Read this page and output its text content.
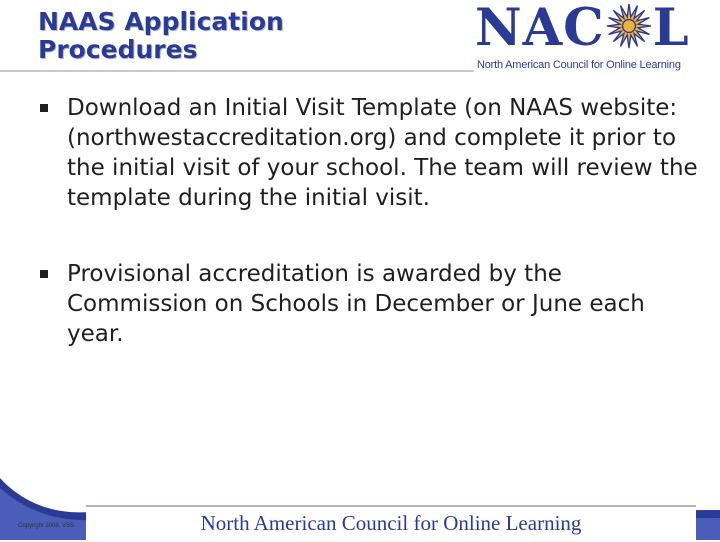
NAAS Application
Procedures	NAC L
North American Council for Online Learning
Download an Initial Visit Template (on NAAS website: (northwestaccreditation.org) and complete it prior to the initial visit of your school. The team will review the template during the initial visit.
Provisional accreditation is awarded by the Commission on Schools in December or June each year.
Copyright 2008, VSS	North American Council for Online Learning
